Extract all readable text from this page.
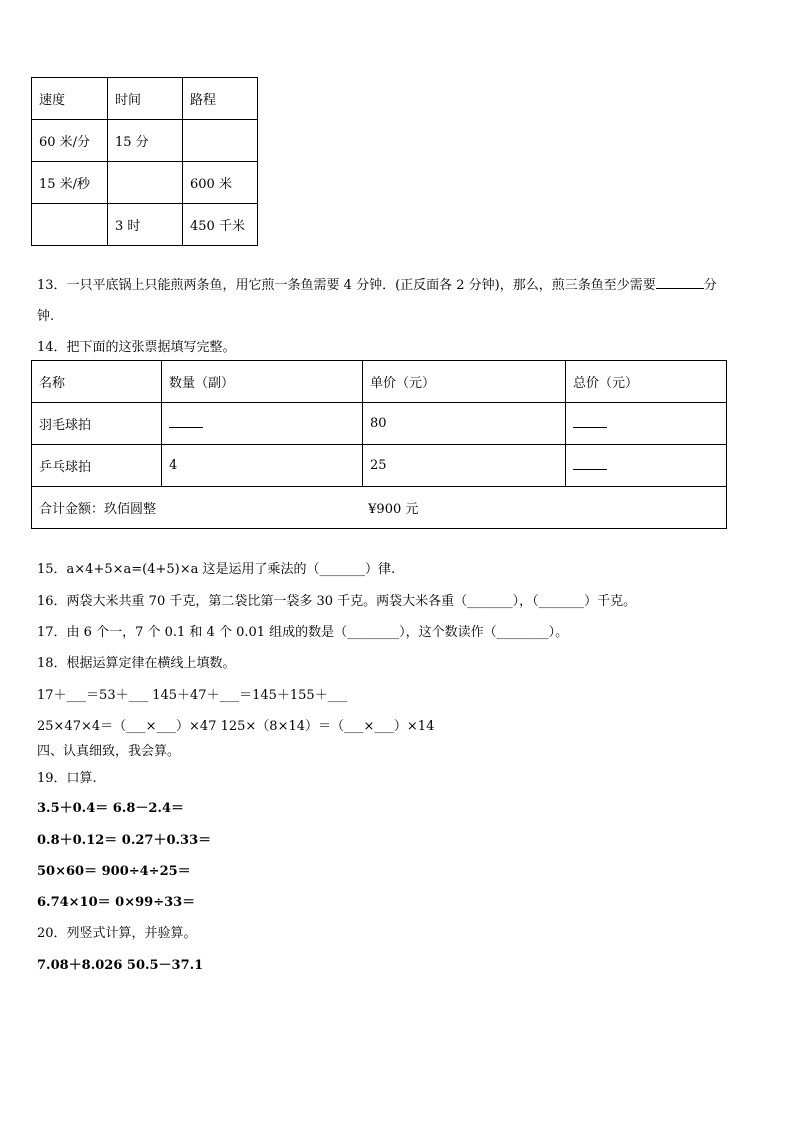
速度	时间	路程
60 米/分	15 分	
15 米/秒		600 米
	3 时	450 千米
13．一只平底锅上只能煎两条鱼，用它煎一条鱼需要 4 分钟．(正反面各 2 分钟)，那么，煎三条鱼至少需要	分
钟.
14．把下面的这张票据填写完整。
名称	数量（副）	单价（元）	总价（元）
羽毛球拍		80	
乒乓球拍	4	25	
合计金额：玖佰圆整 ¥900 元			
15．a×4+5×a=(4+5)×a 这是运用了乘法的（_______）律.
16．两袋大米共重 70 千克，第二袋比第一袋多 30 千克。两袋大米各重（_______），（_______）千克。
17．由 6 个一，7 个 0.1 和 4 个 0.01 组成的数是（________），这个数读作（________）。
18．根据运算定律在横线上填数。
17＋___＝53＋___ 145＋47＋___＝145＋155＋___
25×47×4＝（___×___）×47 125×（8×14）＝（___×___）×14
四、认真细致，我会算。
19．口算.
3.5＋0.4＝ 6.8－2.4＝
0.8＋0.12＝ 0.27＋0.33＝
50×60＝ 900÷4÷25＝
6.74×10＝ 0×99÷33＝
20．列竖式计算，并验算。
7.08＋8.026 50.5－37.1
